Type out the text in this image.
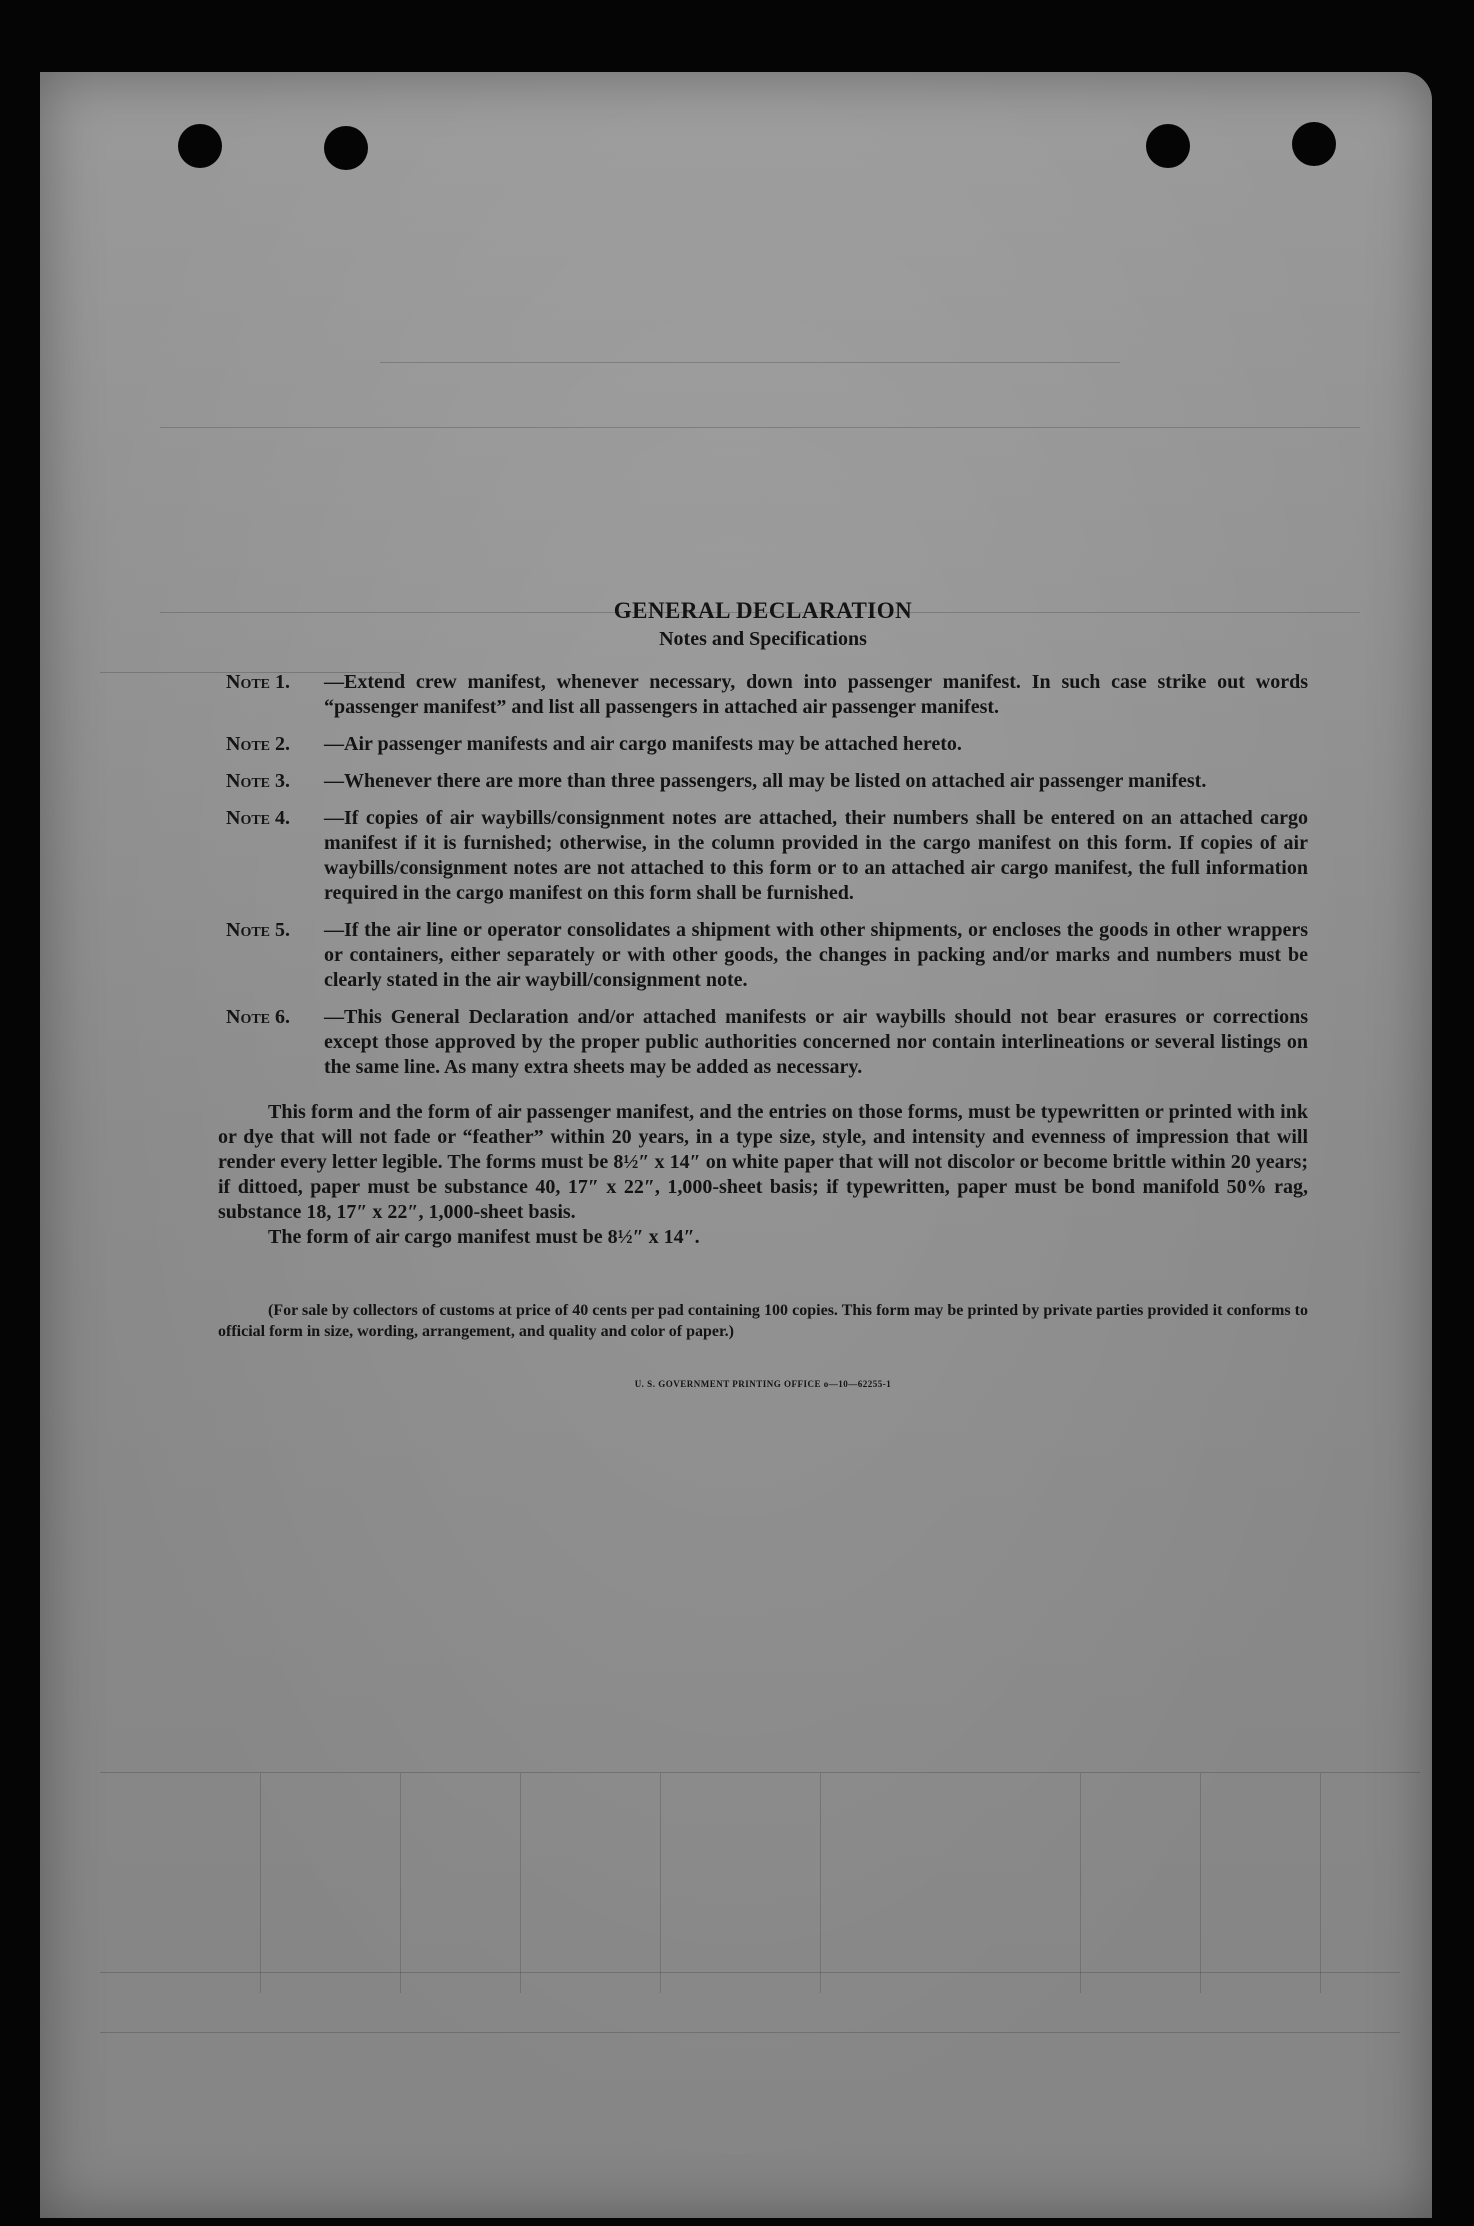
GENERAL DECLARATION
Notes and Specifications
Note 1. —Extend crew manifest, whenever necessary, down into passenger manifest. In such case strike out words “passenger manifest” and list all passengers in attached air passenger manifest.
Note 2. —Air passenger manifests and air cargo manifests may be attached hereto.
Note 3. —Whenever there are more than three passengers, all may be listed on attached air passenger manifest.
Note 4. —If copies of air waybills/consignment notes are attached, their numbers shall be entered on an attached cargo manifest if it is furnished; otherwise, in the column provided in the cargo manifest on this form. If copies of air waybills/consignment notes are not attached to this form or to an attached air cargo manifest, the full information required in the cargo manifest on this form shall be furnished.
Note 5. —If the air line or operator consolidates a shipment with other shipments, or encloses the goods in other wrappers or containers, either separately or with other goods, the changes in packing and/or marks and numbers must be clearly stated in the air waybill/consignment note.
Note 6. —This General Declaration and/or attached manifests or air waybills should not bear erasures or corrections except those approved by the proper public authorities concerned nor contain interlineations or several listings on the same line. As many extra sheets may be added as necessary.
This form and the form of air passenger manifest, and the entries on those forms, must be typewritten or printed with ink or dye that will not fade or “feather” within 20 years, in a type size, style, and intensity and evenness of impression that will render every letter legible. The forms must be 8½″ x 14″ on white paper that will not discolor or become brittle within 20 years; if dittoed, paper must be substance 40, 17″ x 22″, 1,000-sheet basis; if typewritten, paper must be bond manifold 50% rag, substance 18, 17″ x 22″, 1,000-sheet basis.
The form of air cargo manifest must be 8½″ x 14″.
(For sale by collectors of customs at price of 40 cents per pad containing 100 copies. This form may be printed by private parties provided it conforms to official form in size, wording, arrangement, and quality and color of paper.)
U. S. GOVERNMENT PRINTING OFFICE o—10—62255-1
